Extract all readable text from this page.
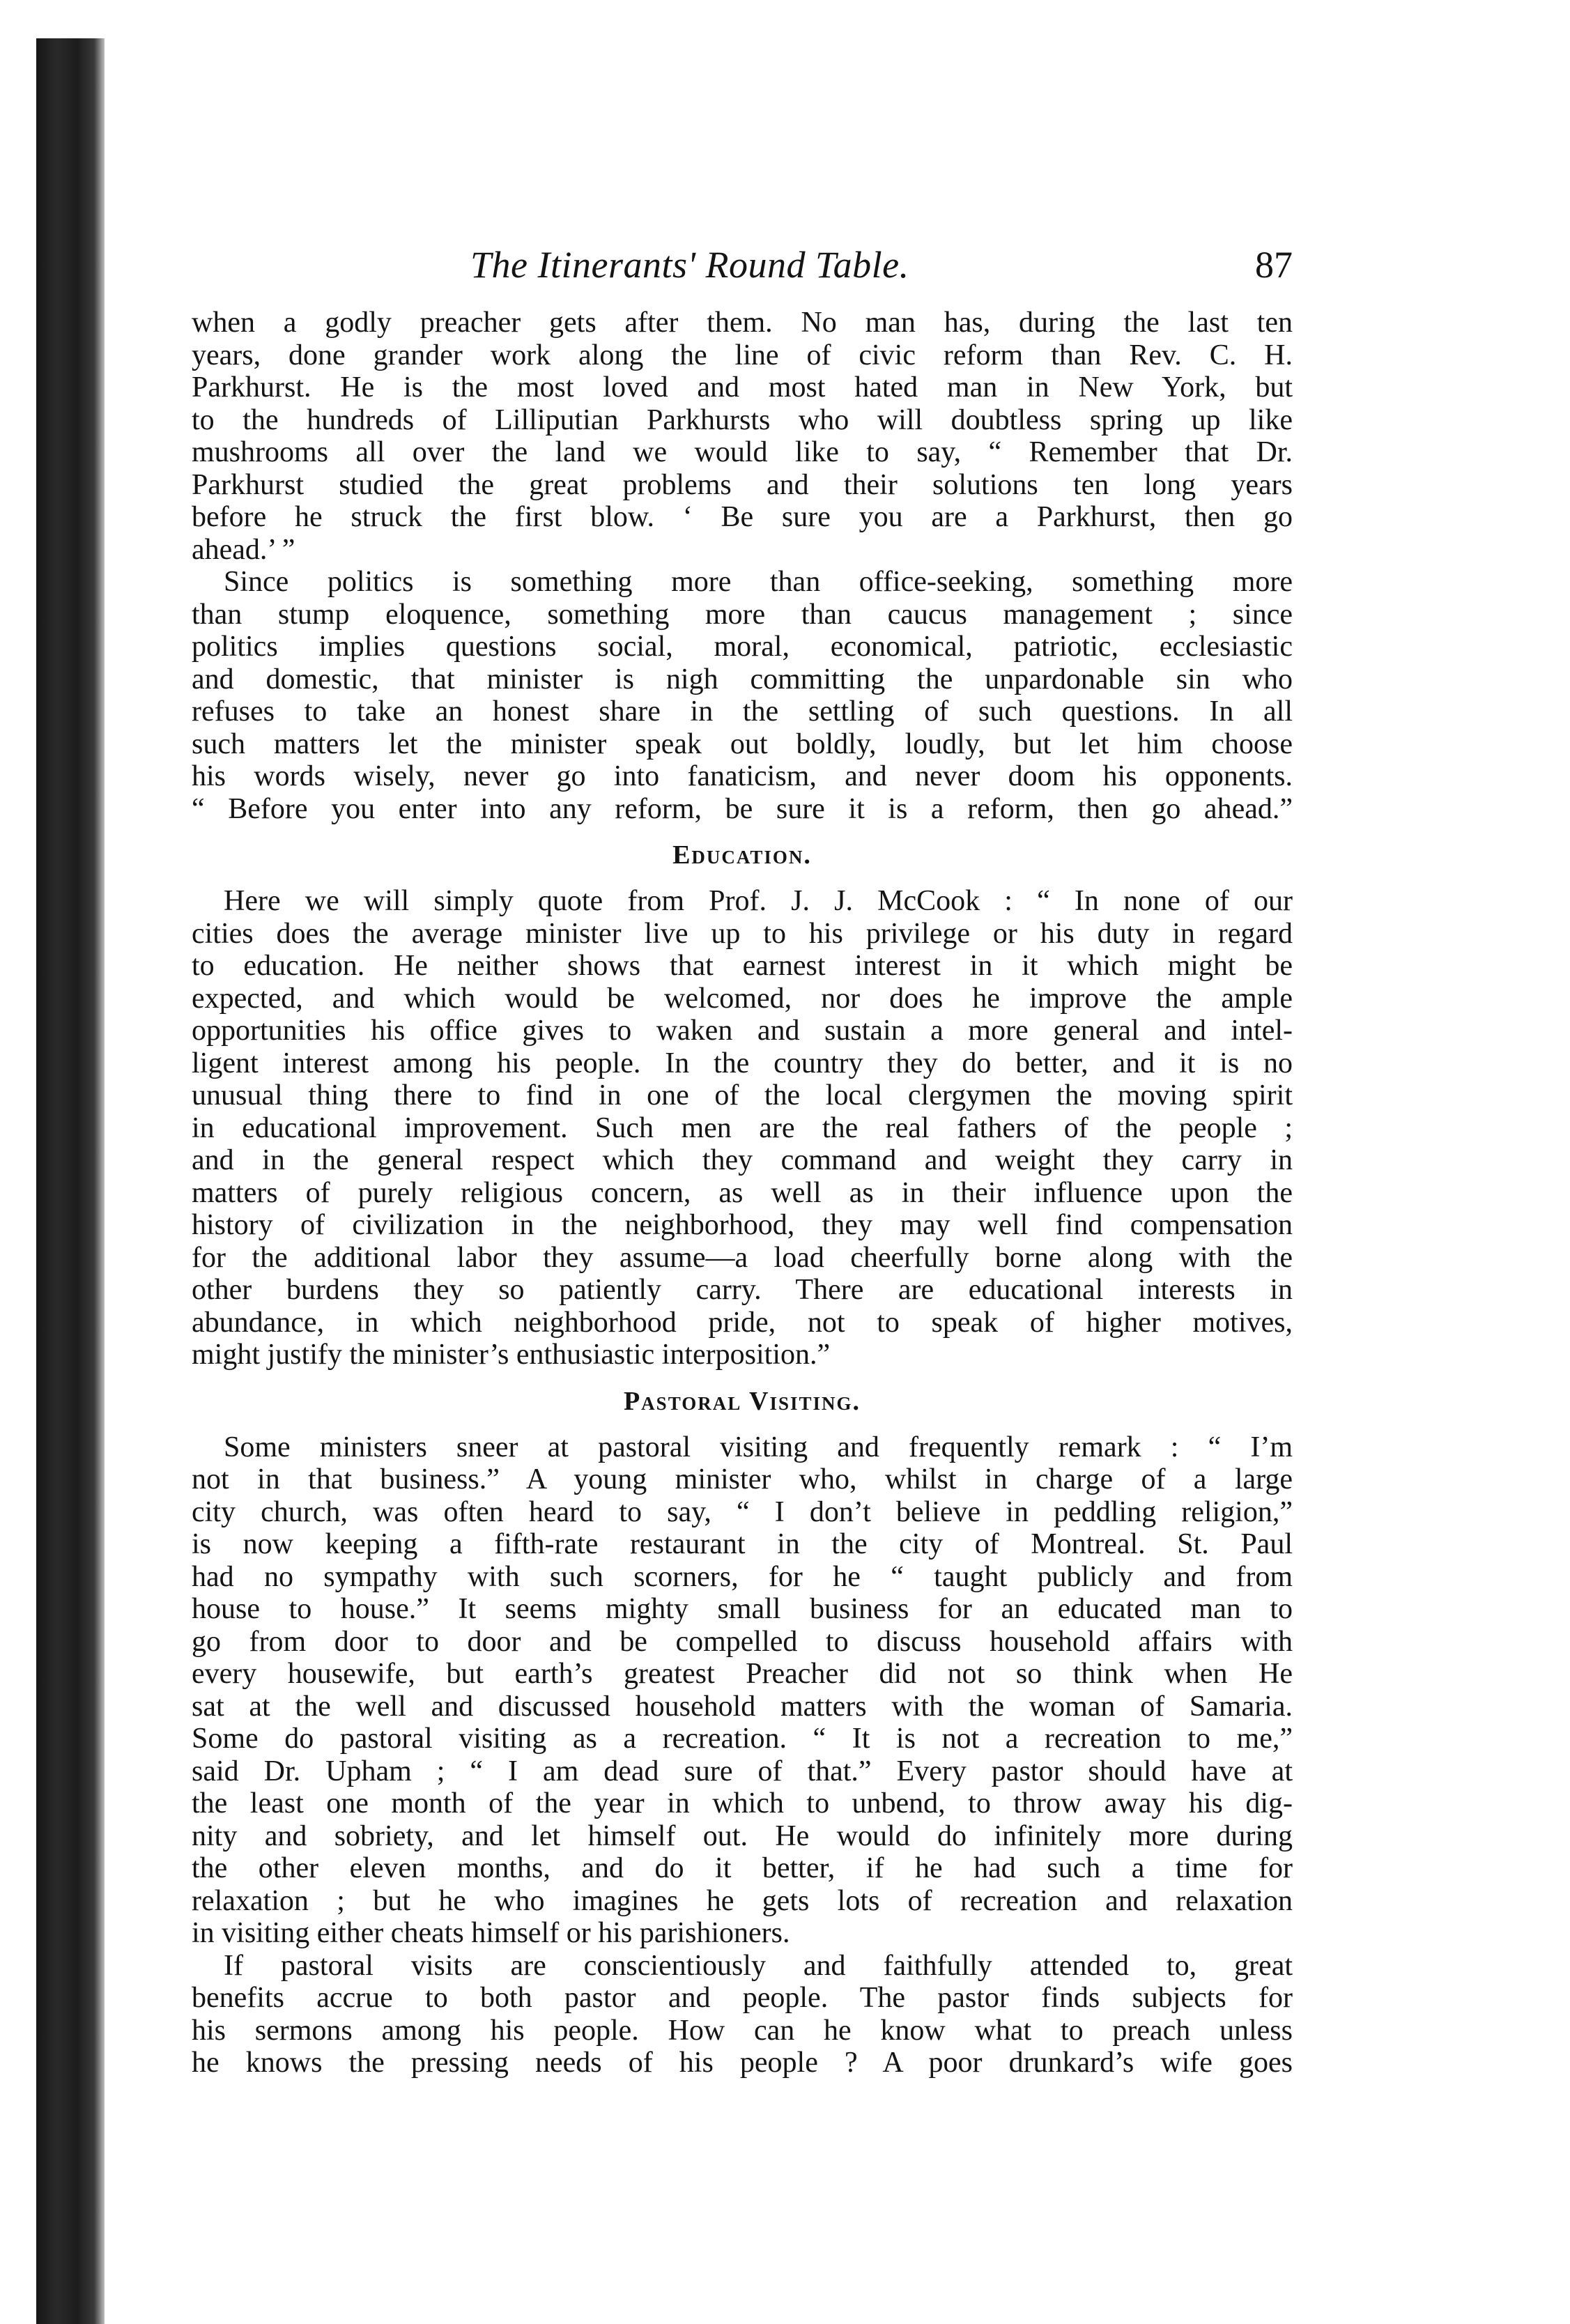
The Itinerants' Round Table.	87

when a godly preacher gets after them. No man has, during the last ten
years, done grander work along the line of civic reform than Rev. C. H.
Parkhurst. He is the most loved and most hated man in New York, but
to the hundreds of Lilliputian Parkhursts who will doubtless spring up like
mushrooms all over the land we would like to say, “ Remember that Dr.
Parkhurst studied the great problems and their solutions ten long years
before he struck the first blow. ‘ Be sure you are a Parkhurst, then go
ahead.’ ”

Since politics is something more than office-seeking, something more
than stump eloquence, something more than caucus management ; since
politics implies questions social, moral, economical, patriotic, ecclesiastic
and domestic, that minister is nigh committing the unpardonable sin who
refuses to take an honest share in the settling of such questions. In all
such matters let the minister speak out boldly, loudly, but let him choose
his words wisely, never go into fanaticism, and never doom his opponents.
“ Before you enter into any reform, be sure it is a reform, then go ahead.”

Education.

Here we will simply quote from Prof. J. J. McCook : “ In none of our
cities does the average minister live up to his privilege or his duty in regard
to education. He neither shows that earnest interest in it which might be
expected, and which would be welcomed, nor does he improve the ample
opportunities his office gives to waken and sustain a more general and intel-
ligent interest among his people. In the country they do better, and it is no
unusual thing there to find in one of the local clergymen the moving spirit
in educational improvement. Such men are the real fathers of the people ;
and in the general respect which they command and weight they carry in
matters of purely religious concern, as well as in their influence upon the
history of civilization in the neighborhood, they may well find compensation
for the additional labor they assume—a load cheerfully borne along with the
other burdens they so patiently carry. There are educational interests in
abundance, in which neighborhood pride, not to speak of higher motives,
might justify the minister’s enthusiastic interposition.”

Pastoral Visiting.

Some ministers sneer at pastoral visiting and frequently remark : “ I’m
not in that business.” A young minister who, whilst in charge of a large
city church, was often heard to say, “ I don’t believe in peddling religion,”
is now keeping a fifth-rate restaurant in the city of Montreal. St. Paul
had no sympathy with such scorners, for he “ taught publicly and from
house to house.” It seems mighty small business for an educated man to
go from door to door and be compelled to discuss household affairs with
every housewife, but earth’s greatest Preacher did not so think when He
sat at the well and discussed household matters with the woman of Samaria.
Some do pastoral visiting as a recreation. “ It is not a recreation to me,”
said Dr. Upham ; “ I am dead sure of that.” Every pastor should have at
the least one month of the year in which to unbend, to throw away his dig-
nity and sobriety, and let himself out. He would do infinitely more during
the other eleven months, and do it better, if he had such a time for
relaxation ; but he who imagines he gets lots of recreation and relaxation
in visiting either cheats himself or his parishioners.

If pastoral visits are conscientiously and faithfully attended to, great
benefits accrue to both pastor and people. The pastor finds subjects for
his sermons among his people. How can he know what to preach unless
he knows the pressing needs of his people ? A poor drunkard’s wife goes
